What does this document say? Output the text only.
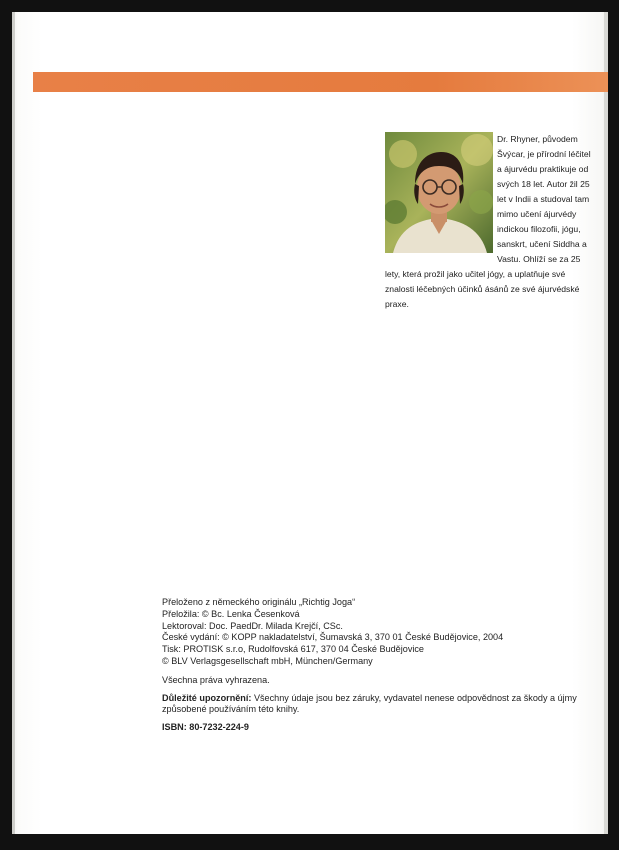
Dr. Rhyner, původem Švýcar, je přírodní léčitel a ájurvédu praktikuje od svých 18 let. Autor žil 25 let v Indii a studoval tam mimo učení ájurvédy indickou filozofii, jógu, sanskrt, učení Siddha a Vastu. Ohlíží se za 25 lety, která prožil jako učitel jógy, a uplatňuje své znalosti léčebných účinků ásánů ze své ájurvédské praxe.
Přeloženo z německého originálu „Richtig Joga“
Přeložila: © Bc. Lenka Česenková
Lektoroval: Doc. PaedDr. Milada Krejčí, CSc.
České vydání: © KOPP nakladatelství, Šumavská 3, 370 01 České Budějovice, 2004
Tisk: PROTISK s.r.o, Rudolfovská 617, 370 04 České Budějovice
© BLV Verlagsgesellschaft mbH, München/Germany
Všechna práva vyhrazena.
Důležité upozornění: Všechny údaje jsou bez záruky, vydavatel nenese odpovědnost za škody a újmy způsobené používáním této knihy.
ISBN: 80-7232-224-9
